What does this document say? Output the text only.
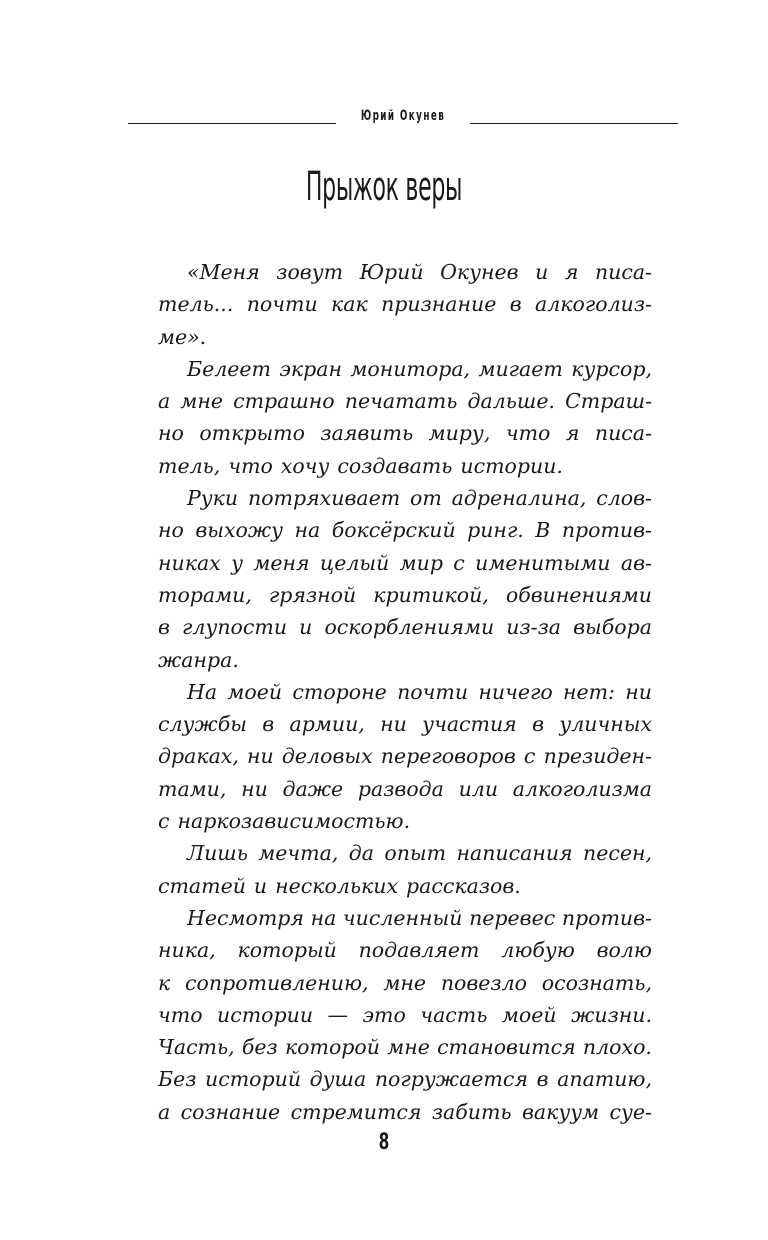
Юрий Окунев
Прыжок веры
«Меня зовут Юрий Окунев и я писа-
тель... почти как признание в алкоголиз-
ме».
Белеет экран монитора, мигает курсор,
а мне страшно печатать дальше. Страш-
но открыто заявить миру, что я писа-
тель, что хочу создавать истории.
Руки потряхивает от адреналина, слов-
но выхожу на боксёрский ринг. В против-
никах у меня целый мир с именитыми ав-
торами, грязной критикой, обвинениями
в глупости и оскорблениями из-за выбора
жанра.
На моей стороне почти ничего нет: ни
службы в армии, ни участия в уличных
драках, ни деловых переговоров с президен-
тами, ни даже развода или алкоголизма
с наркозависимостью.
Лишь мечта, да опыт написания песен,
статей и нескольких рассказов.
Несмотря на численный перевес против-
ника, который подавляет любую волю
к сопротивлению, мне повезло осознать,
что истории — это часть моей жизни.
Часть, без которой мне становится плохо.
Без историй душа погружается в апатию,
а сознание стремится забить вакуум суе-
8
